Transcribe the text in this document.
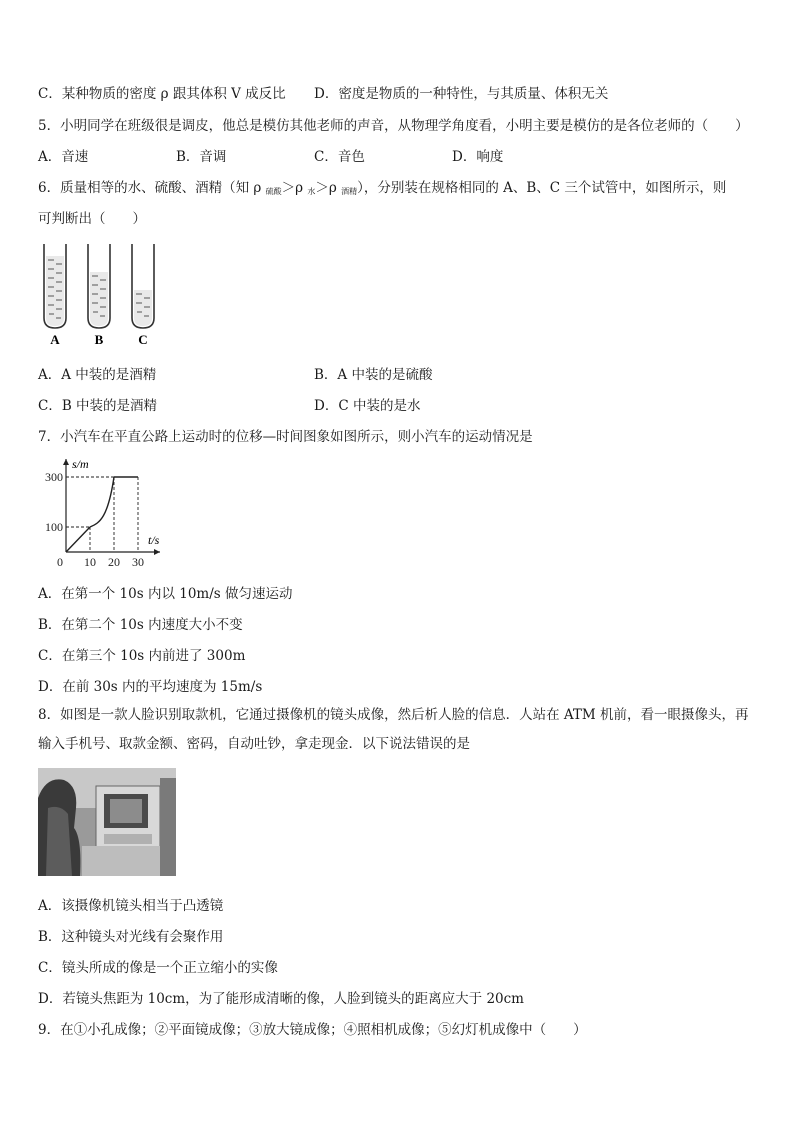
C．某种物质的密度 ρ 跟其体积 V 成反比 D．密度是物质的一种特性，与其质量、体积无关
5．小明同学在班级很是调皮，他总是模仿其他老师的声音，从物理学角度看，小明主要是模仿的是各位老师的（　　）
A．音速	B．音调	C．音色	D．响度
6．质量相等的水、硫酸、酒精（知 ρ $_{硫酸}$＞ρ $_水$＞ρ $_{酒精}$），分别装在规格相同的 A、B、C 三个试管中，如图所示，则
可判断出（　　）
A	B	C
A．A 中装的是酒精	B．A 中装的是硫酸
C．B 中装的是酒精	D．C 中装的是水
7．小汽车在平直公路上运动时的位移—时间图象如图所示，则小汽车的运动情况是
0 10 20 30
100
300
s/m
t/s
A．在第一个 10s 内以 10m/s 做匀速运动
B．在第二个 10s 内速度大小不变
C．在第三个 10s 内前进了 300m
D．在前 30s 内的平均速度为 15m/s
8．如图是一款人脸识别取款机，它通过摄像机的镜头成像，然后析人脸的信息．人站在 ATM 机前，看一眼摄像头，再输入手机号、取款金额、密码，自动吐钞，拿走现金．以下说法错误的是
A．该摄像机镜头相当于凸透镜
B．这种镜头对光线有会聚作用
C．镜头所成的像是一个正立缩小的实像
D．若镜头焦距为 10cm，为了能形成清晰的像，人脸到镜头的距离应大于 20cm
9．在①小孔成像；②平面镜成像；③放大镜成像；④照相机成像；⑤幻灯机成像中（　　）
